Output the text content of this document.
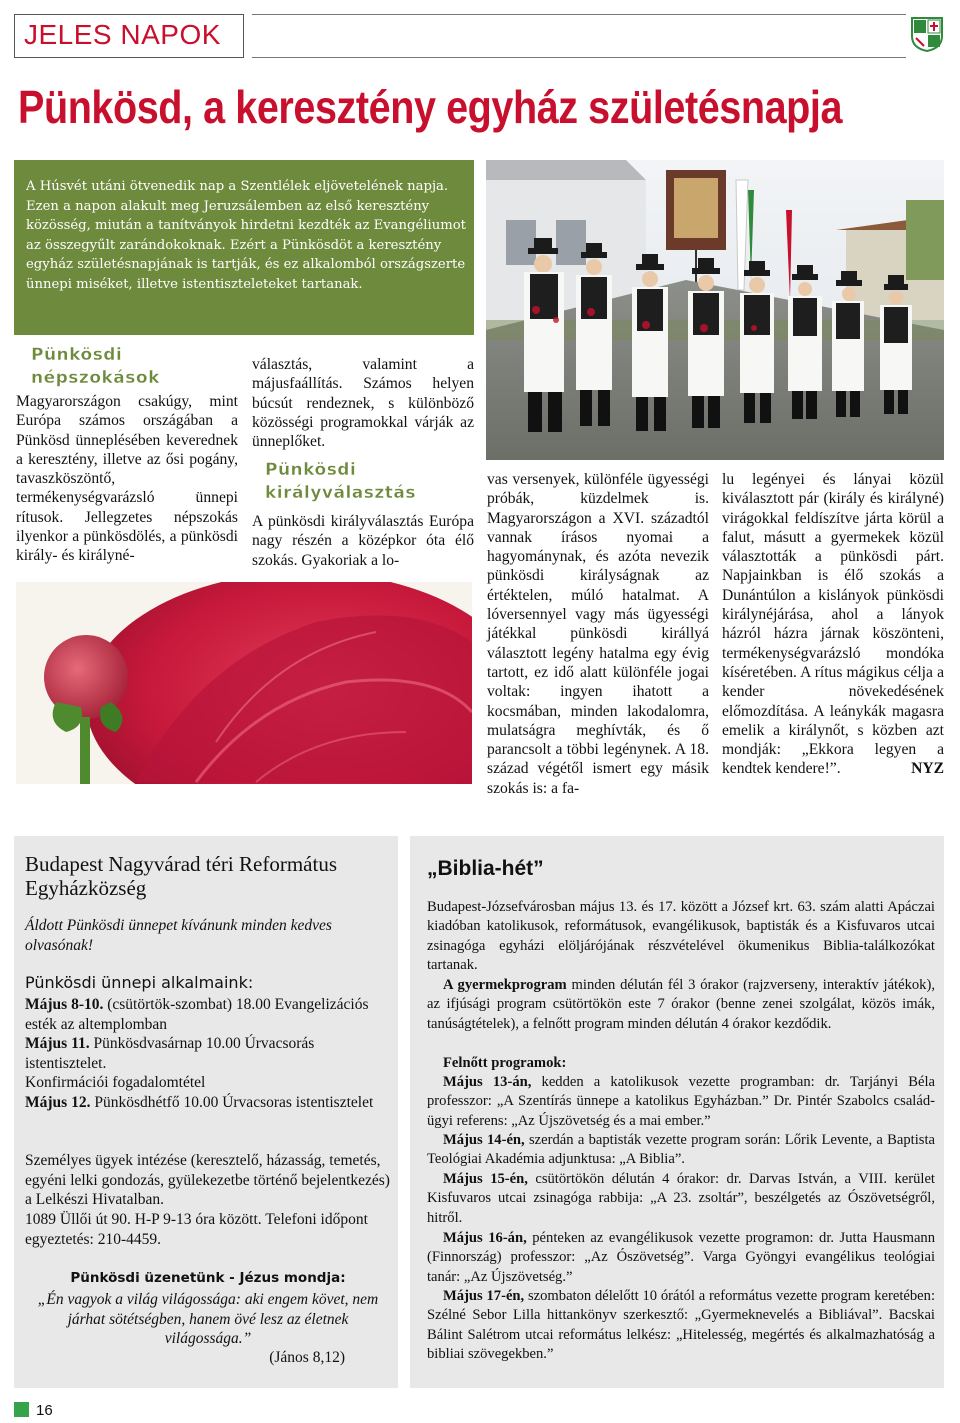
JELES NAPOK
Pünkösd, a keresztény egyház születésnapja
A Húsvét utáni ötvenedik nap a Szentlélek eljövetelének napja. Ezen a napon alakult meg Jeruzsálemben az első keresztény közösség, miután a tanítványok hirdetni kezdték az Evangéliumot az összegyűlt zarándokoknak. Ezért a Pünkösdöt a keresztény egyház születésnapjának is tartják, és ez alkalomból országszerte ünnepi miséket, illetve istentiszteleteket tartanak.
Pünkösdi népszokások
Magyarországon csakúgy, mint Európa számos országában a Pünkösd ünneplésében keverednek a keresztény, illetve az ősi pogány, tavaszköszöntő, termékenységvarázsló ünnepi rítusok. Jellegzetes népszokás ilyenkor a pünkösdölés, a pünkösdi király- és királyné-
választás, valamint a májusfaállítás. Számos helyen búcsút rendeznek, s különböző közösségi programokkal várják az ünneplőket.
Pünkösdi királyválasztás
A pünkösdi királyválasztás Európa nagy részén a középkor óta élő szokás. Gyakoriak a lo-
vas versenyek, különféle ügyességi próbák, küzdelmek is. Magyarországon a XVI. századtól vannak írásos nyomai a hagyománynak, és azóta nevezik pünkösdi királyságnak az értéktelen, múló hatalmat. A lóversennyel vagy más ügyességi játékkal pünkösdi királlyá választott legény hatalma egy évig tartott, ez idő alatt különféle jogai voltak: ingyen ihatott a kocsmában, minden lakodalomra, mulatságra meghívták, és ő parancsolt a többi legénynek. A 18. század végétől ismert egy másik szokás is: a fa-
lu legényei és lányai közül kiválasztott pár (király és királyné) virágokkal feldíszítve járta körül a falut, másutt a gyermekek közül választották a pünkösdi párt. Napjainkban is élő szokás a Dunántúlon a kislányok pünkösdi királynéjárása, ahol a lányok házról házra járnak köszönteni, termékenységvarázsló mondóka kíséretében. A rítus mágikus célja a kender növekedésének előmozdítása. A leánykák magasra emelik a királynőt, s közben azt mondják: „Ekkora legyen a kendtek kendere!”.	NYZ
Budapest Nagyvárad téri Református Egyházközség
Áldott Pünkösdi ünnepet kívánunk minden kedves olvasónak!
Pünkösdi ünnepi alkalmaink:
Május 8-10. (csütörtök-szombat) 18.00 Evangelizációs esték az altemplomban
Május 11. Pünkösdvasárnap 10.00 Úrvacsorás istentisztelet.
Konfirmációi fogadalomtétel
Május 12. Pünkösdhétfő 10.00 Úrvacsoras istentisztelet
Személyes ügyek intézése (keresztelő, házasság, temetés, egyéni lelki gondozás, gyülekezetbe történő bejelentkezés) a Lelkészi Hivatalban.
1089 Üllői út 90. H-P 9-13 óra között. Telefoni időpont egyeztetés: 210-4459.
Pünkösdi üzenetünk - Jézus mondja:
„Én vagyok a világ világossága: aki engem követ, nem járhat sötétségben, hanem övé lesz az életnek világossága.”
(János 8,12)
„Biblia-hét”
Budapest-Józsefvárosban május 13. és 17. között a József krt. 63. szám alatti Apáczai kiadóban katolikusok, reformátusok, evangélikusok, baptisták és a Kisfuvaros utcai zsinagóga egyházi elöljárójának részvételével ökumenikus Biblia-találkozókat tartanak.
A gyermekprogram minden délután fél 3 órakor (rajzverseny, interaktív játékok), az ifjúsági program csütörtökön este 7 órakor (benne zenei szolgálat, közös imák, tanúságtételek), a felnőtt program minden délután 4 órakor kezdődik.
Felnőtt programok:
Május 13-án, kedden a katolikusok vezette programban: dr. Tarjányi Béla professzor: „A Szentírás ünnepe a katolikus Egyházban.” Dr. Pintér Szabolcs család-ügyi referens: „Az Újszövetség és a mai ember.”
Május 14-én, szerdán a baptisták vezette program során: Lőrik Levente, a Baptista Teológiai Akadémia adjunktusa: „A Biblia”.
Május 15-én, csütörtökön délután 4 órakor: dr. Darvas István, a VIII. kerület Kisfuvaros utcai zsinagóga rabbija: „A 23. zsoltár”, beszélgetés az Ószövetségről, hitről.
Május 16-án, pénteken az evangélikusok vezette programon: dr. Jutta Hausmann (Finnország) professzor: „Az Ószövetség”. Varga Gyöngyi evangélikus teológiai tanár: „Az Újszövetség.”
Május 17-én, szombaton délelőtt 10 órától a református vezette program keretében: Szélné Sebor Lilla hittankönyv szerkesztő: „Gyermeknevelés a Bibliával”. Bacskai Bálint Salétrom utcai református lelkész: „Hitelesség, megértés és alkalmazhatóság a bibliai szövegekben.”
16
